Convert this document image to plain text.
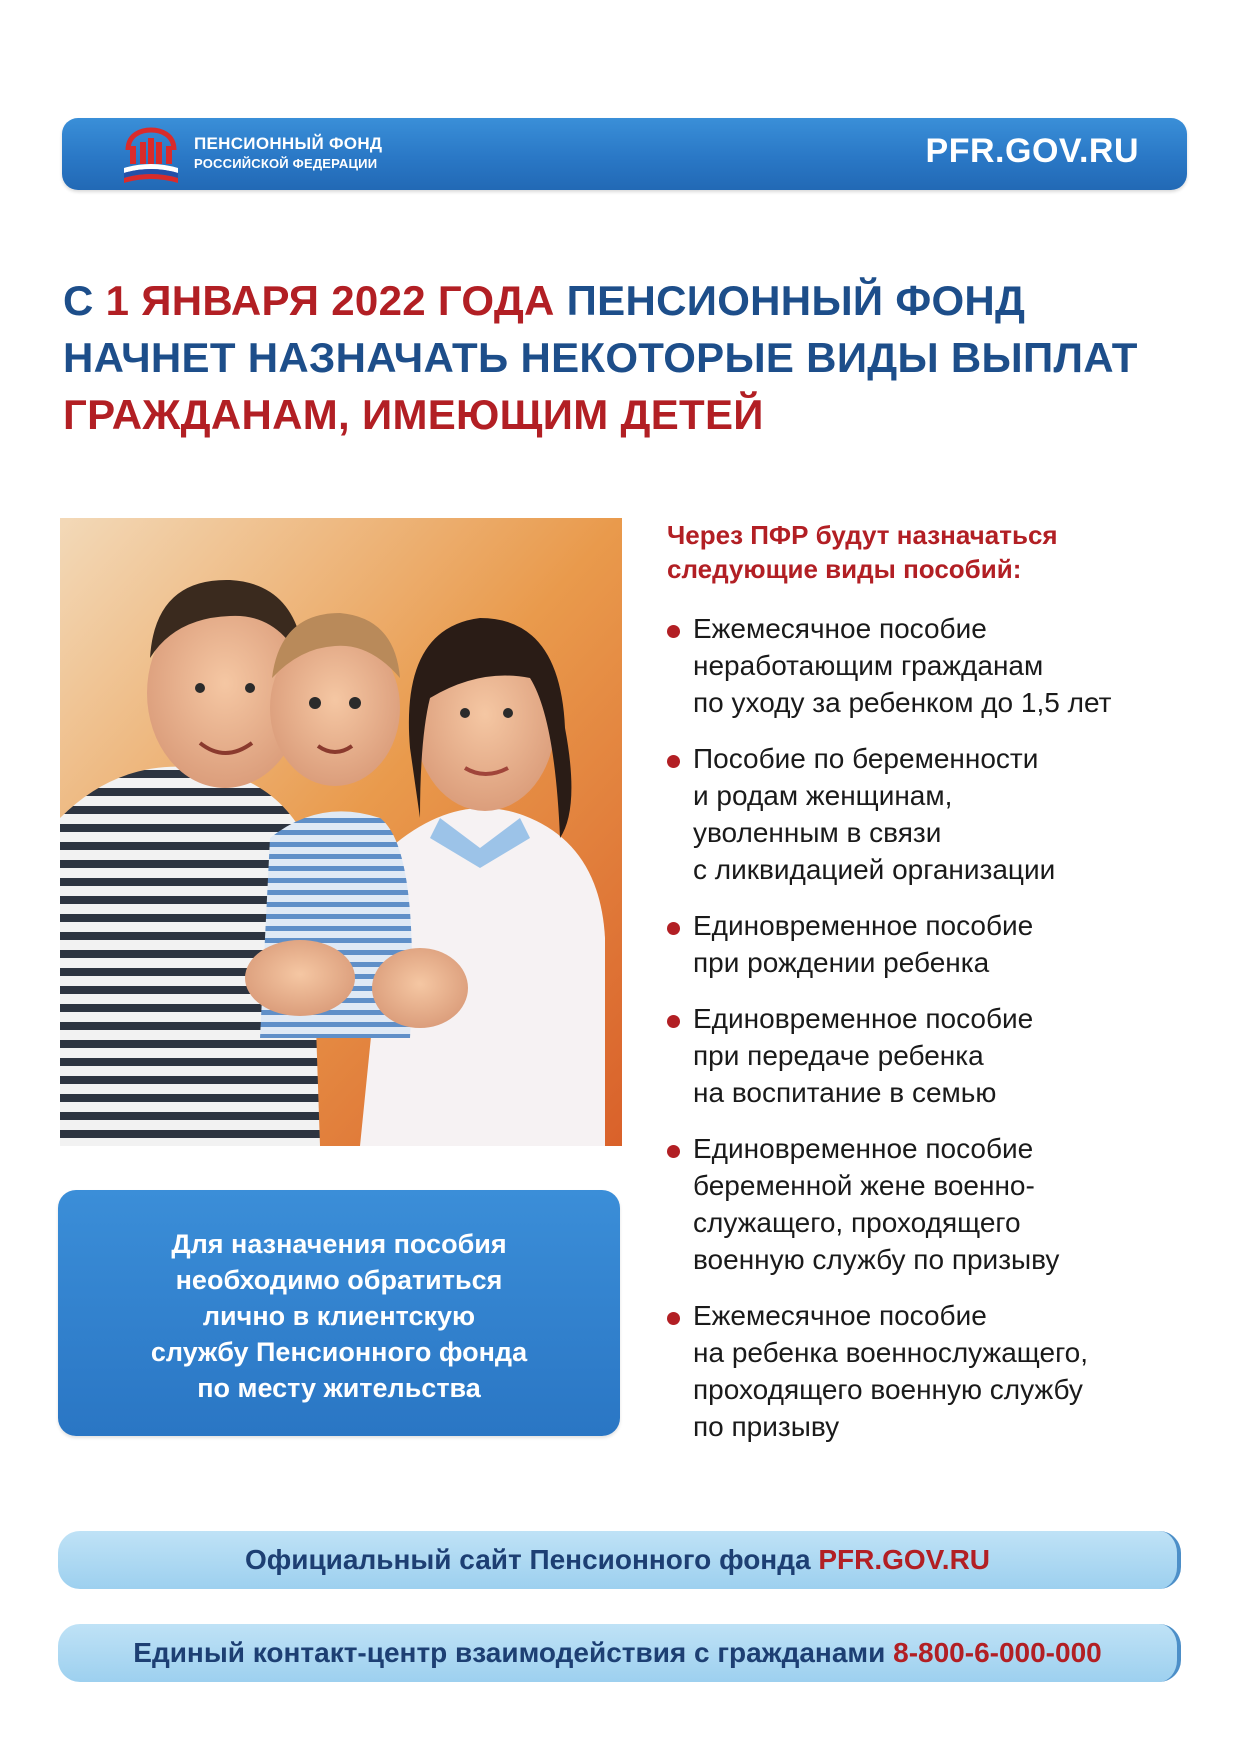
ПЕНСИОННЫЙ ФОНД
РОССИЙСКОЙ ФЕДЕРАЦИИ	PFR.GOV.RU
С 1 ЯНВАРЯ 2022 ГОДА ПЕНСИОННЫЙ ФОНД
НАЧНЕТ НАЗНАЧАТЬ НЕКОТОРЫЕ ВИДЫ ВЫПЛАТ
ГРАЖДАНАМ, ИМЕЮЩИМ ДЕТЕЙ
Для назначения пособия
необходимо обратиться
лично в клиентскую
службу Пенсионного фонда
по месту жительства
Через ПФР будут назначаться
следующие виды пособий:
Ежемесячное пособие
неработающим гражданам
по уходу за ребенком до 1,5 лет
Пособие по беременности
и родам женщинам,
уволенным в связи
с ликвидацией организации
Единовременное пособие
при рождении ребенка
Единовременное пособие
при передаче ребенка
на воспитание в семью
Единовременное пособие
беременной жене военно-
служащего, проходящего
военную службу по призыву
Ежемесячное пособие
на ребенка военнослужащего,
проходящего военную службу
по призыву
Официальный сайт Пенсионного фонда PFR.GOV.RU
Единый контакт-центр взаимодействия с гражданами 8-800-6-000-000
